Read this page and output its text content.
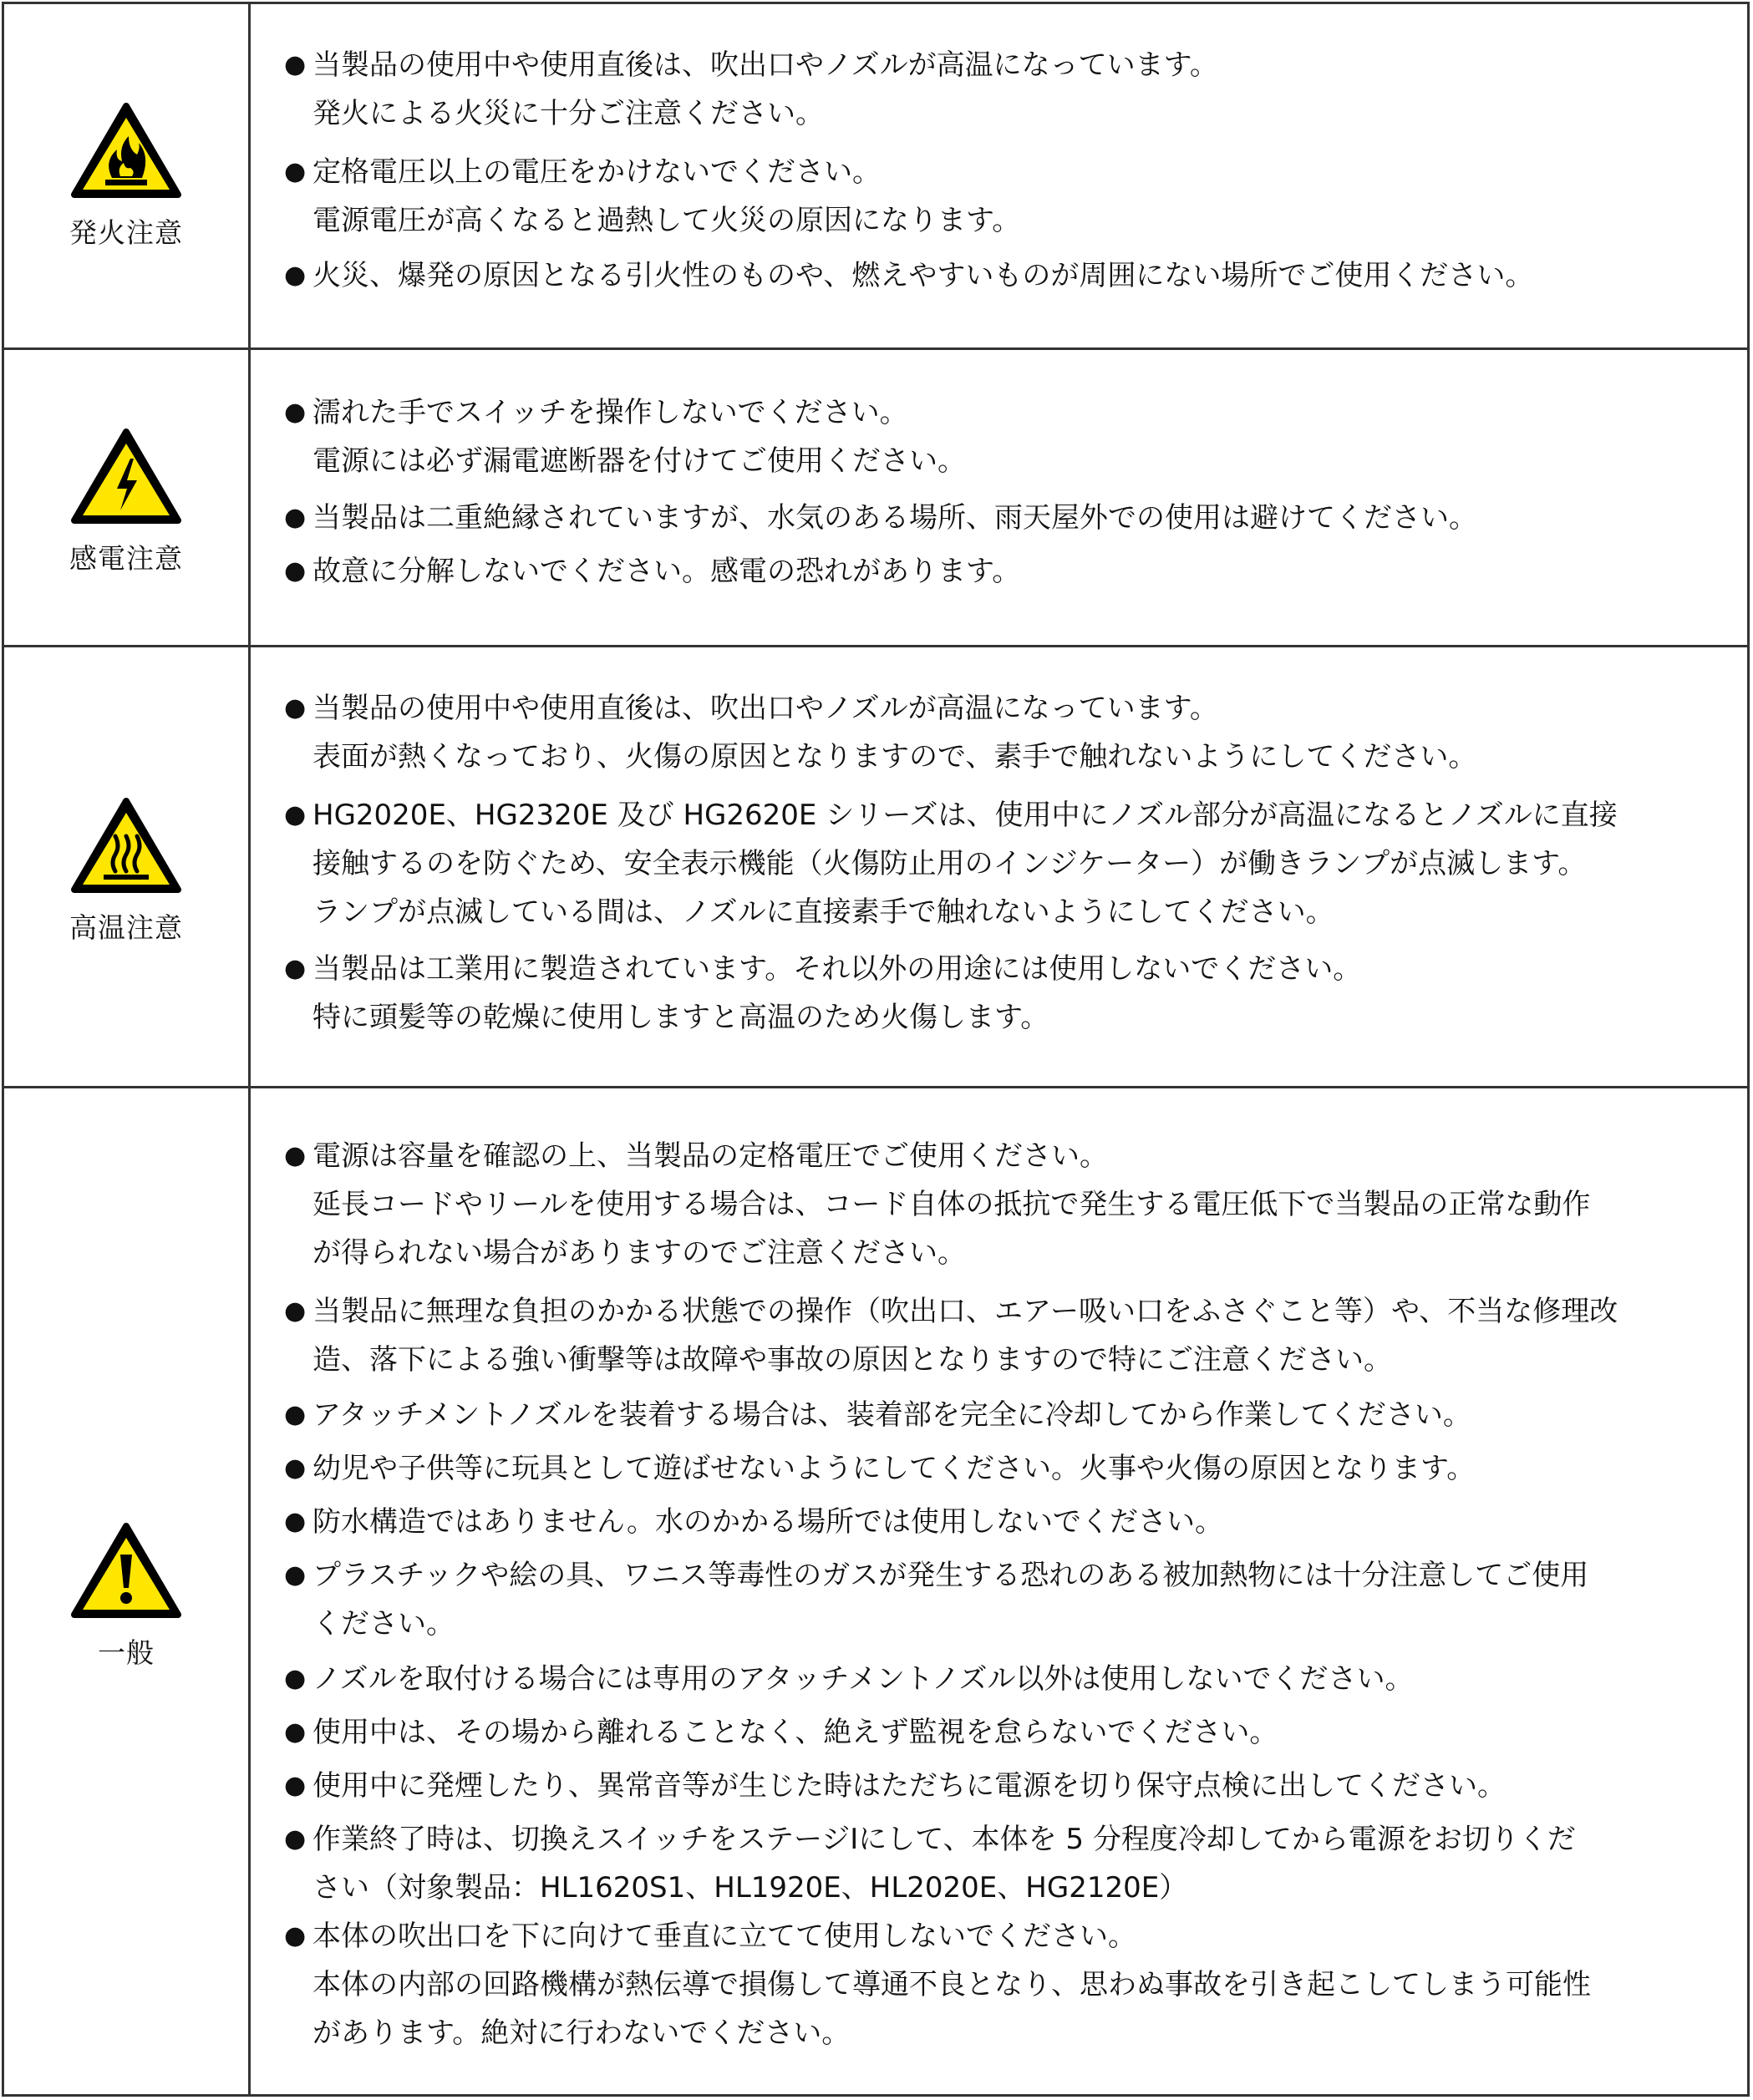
発火注意
● 当製品の使用中や使用直後は、吹出口やノズルが高温になっています。
発火による火災に十分ご注意ください。
● 定格電圧以上の電圧をかけないでください。
電源電圧が高くなると過熱して火災の原因になります。
● 火災、爆発の原因となる引火性のものや、燃えやすいものが周囲にない場所でご使用ください。
感電注意
● 濡れた手でスイッチを操作しないでください。
電源には必ず漏電遮断器を付けてご使用ください。
● 当製品は二重絶縁されていますが、水気のある場所、雨天屋外での使用は避けてください。
● 故意に分解しないでください。感電の恐れがあります。
高温注意
● 当製品の使用中や使用直後は、吹出口やノズルが高温になっています。
表面が熱くなっており、火傷の原因となりますので、素手で触れないようにしてください。
● HG2020E、HG2320E 及び HG2620E シリーズは、使用中にノズル部分が高温になるとノズルに直接
接触するのを防ぐため、安全表示機能（火傷防止用のインジケーター）が働きランプが点滅します。
ランプが点滅している間は、ノズルに直接素手で触れないようにしてください。
● 当製品は工業用に製造されています。それ以外の用途には使用しないでください。
特に頭髪等の乾燥に使用しますと高温のため火傷します。
一般
● 電源は容量を確認の上、当製品の定格電圧でご使用ください。
延長コードやリールを使用する場合は、コード自体の抵抗で発生する電圧低下で当製品の正常な動作
が得られない場合がありますのでご注意ください。
● 当製品に無理な負担のかかる状態での操作（吹出口、エアー吸い口をふさぐこと等）や、不当な修理改
造、落下による強い衝撃等は故障や事故の原因となりますので特にご注意ください。
● アタッチメントノズルを装着する場合は、装着部を完全に冷却してから作業してください。
● 幼児や子供等に玩具として遊ばせないようにしてください。火事や火傷の原因となります。
● 防水構造ではありません。水のかかる場所では使用しないでください。
● プラスチックや絵の具、ワニス等毒性のガスが発生する恐れのある被加熱物には十分注意してご使用
ください。
● ノズルを取付ける場合には専用のアタッチメントノズル以外は使用しないでください。
● 使用中は、その場から離れることなく、絶えず監視を怠らないでください。
● 使用中に発煙したり、異常音等が生じた時はただちに電源を切り保守点検に出してください。
● 作業終了時は、切換えスイッチをステージⅠにして、本体を 5 分程度冷却してから電源をお切りくだ
さい（対象製品：HL1620S1、HL1920E、HL2020E、HG2120E）
● 本体の吹出口を下に向けて垂直に立てて使用しないでください。
本体の内部の回路機構が熱伝導で損傷して導通不良となり、思わぬ事故を引き起こしてしまう可能性
があります。絶対に行わないでください。
